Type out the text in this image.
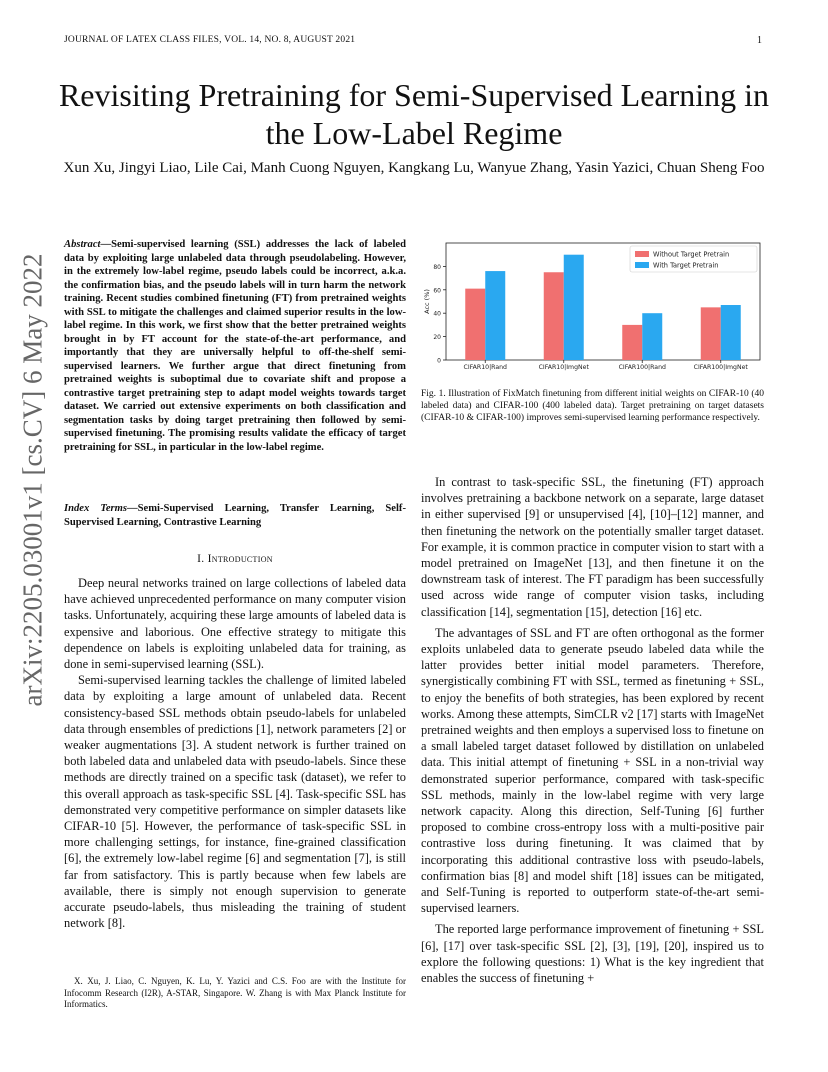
JOURNAL OF LATEX CLASS FILES, VOL. 14, NO. 8, AUGUST 2021	1
Revisiting Pretraining for Semi-Supervised Learning in the Low-Label Regime
Xun Xu, Jingyi Liao, Lile Cai, Manh Cuong Nguyen, Kangkang Lu, Wanyue Zhang, Yasin Yazici, Chuan Sheng Foo
arXiv:2205.03001v1 [cs.CV] 6 May 2022
Abstract—Semi-supervised learning (SSL) addresses the lack of labeled data by exploiting large unlabeled data through pseudolabeling. However, in the extremely low-label regime, pseudo labels could be incorrect, a.k.a. the confirmation bias, and the pseudo labels will in turn harm the network training. Recent studies combined finetuning (FT) from pretrained weights with SSL to mitigate the challenges and claimed superior results in the low-label regime. In this work, we first show that the better pretrained weights brought in by FT account for the state-of-the-art performance, and importantly that they are universally helpful to off-the-shelf semi-supervised learners. We further argue that direct finetuning from pretrained weights is suboptimal due to covariate shift and propose a contrastive target pretraining step to adapt model weights towards target dataset. We carried out extensive experiments on both classification and segmentation tasks by doing target pretraining then followed by semi-supervised finetuning. The promising results validate the efficacy of target pretraining for SSL, in particular in the low-label regime.
Index Terms—Semi-Supervised Learning, Transfer Learning, Self-Supervised Learning, Contrastive Learning
I. Introduction

Deep neural networks trained on large collections of labeled data have achieved unprecedented performance on many computer vision tasks. Unfortunately, acquiring these large amounts of labeled data is expensive and laborious. One effective strategy to mitigate this dependence on labels is exploiting unlabeled data for training, as done in semi-supervised learning (SSL).

Semi-supervised learning tackles the challenge of limited labeled data by exploiting a large amount of unlabeled data. Recent consistency-based SSL methods obtain pseudo-labels for unlabeled data through ensembles of predictions [1], network parameters [2] or weaker augmentations [3]. A student network is further trained on both labeled data and unlabeled data with pseudo-labels. Since these methods are directly trained on a specific task (dataset), we refer to this overall approach as task-specific SSL [4]. Task-specific SSL has demonstrated very competitive performance on simpler datasets like CIFAR-10 [5]. However, the performance of task-specific SSL in more challenging settings, for instance, fine-grained classification [6], the extremely low-label regime [6] and segmentation [7], is still far from satisfactory. This is partly because when few labels are available, there is simply not enough supervision to generate accurate pseudo-labels, thus misleading the training of student network [8].

X. Xu, J. Liao, C. Nguyen, K. Lu, Y. Yazici and C.S. Foo are with the Institute for Infocomm Research (I2R), A-STAR, Singapore. W. Zhang is with Max Planck Institute for Informatics.

0
20
40
60
80
Acc (%)
CIFAR10|Rand	CIFAR10|ImgNet	CIFAR100|Rand	CIFAR100|ImgNet
Without Target Pretrain
With Target Pretrain
Fig. 1. Illustration of FixMatch finetuning from different initial weights on CIFAR-10 (40 labeled data) and CIFAR-100 (400 labeled data). Target pretraining on target datasets (CIFAR-10 & CIFAR-100) improves semi-supervised learning performance respectively.

In contrast to task-specific SSL, the finetuning (FT) approach involves pretraining a backbone network on a separate, large dataset in either supervised [9] or unsupervised [4], [10]–[12] manner, and then finetuning the network on the potentially smaller target dataset. For example, it is common practice in computer vision to start with a model pretrained on ImageNet [13], and then finetune it on the downstream task of interest. The FT paradigm has been successfully used across wide range of computer vision tasks, including classification [14], segmentation [15], detection [16] etc.

The advantages of SSL and FT are often orthogonal as the former exploits unlabeled data to generate pseudo labeled data while the latter provides better initial model parameters. Therefore, synergistically combining FT with SSL, termed as finetuning + SSL, to enjoy the benefits of both strategies, has been explored by recent works. Among these attempts, SimCLR v2 [17] starts with ImageNet pretrained weights and then employs a supervised loss to finetune on a small labeled target dataset followed by distillation on unlabeled data. This initial attempt of finetuning + SSL in a non-trivial way demonstrated superior performance, compared with task-specific SSL methods, mainly in the low-label regime with very large network capacity. Along this direction, Self-Tuning [6] further proposed to combine cross-entropy loss with a multi-positive pair contrastive loss during finetuning. It was claimed that by incorporating this additional contrastive loss with pseudo-labels, confirmation bias [8] and model shift [18] issues can be mitigated, and Self-Tuning is reported to outperform state-of-the-art semi-supervised learners.

The reported large performance improvement of finetuning + SSL [6], [17] over task-specific SSL [2], [3], [19], [20], inspired us to explore the following questions: 1) What is the key ingredient that enables the success of finetuning +
